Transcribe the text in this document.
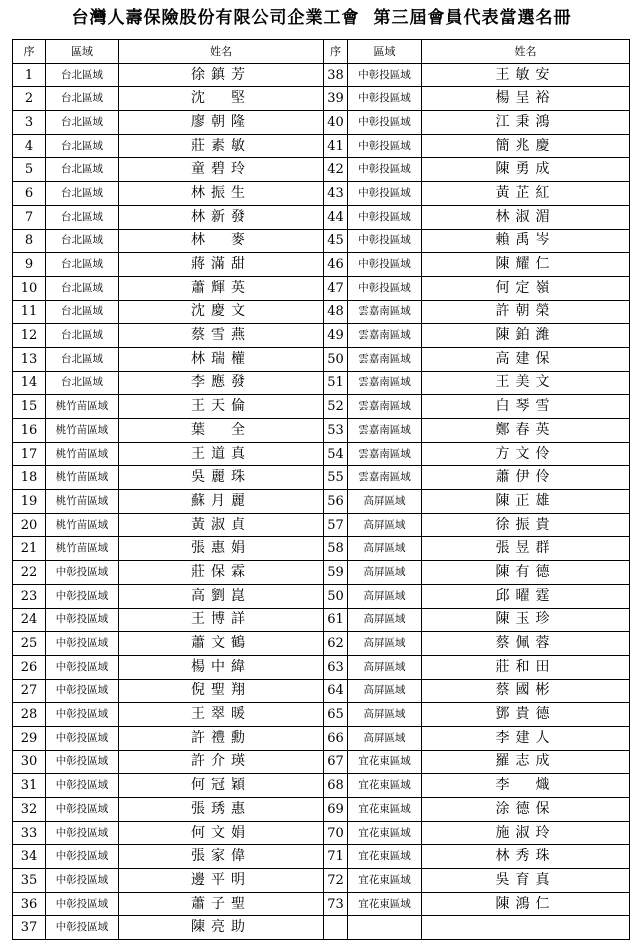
台灣人壽保險股份有限公司企業工會 第三屆會員代表當選名冊
序	區域	姓名	序	區域	姓名
1	台北區域	徐鎮芳	38	中彰投區域	王敏安
2	台北區域	沈　堅	39	中彰投區域	楊呈裕
3	台北區域	廖朝隆	40	中彰投區域	江秉鴻
4	台北區域	莊素敏	41	中彰投區域	簡兆慶
5	台北區域	童碧玲	42	中彰投區域	陳勇成
6	台北區域	林振生	43	中彰投區域	黃芷紅
7	台北區域	林新發	44	中彰投區域	林淑湄
8	台北區域	林　麥	45	中彰投區域	賴禹岑
9	台北區域	蔣滿甜	46	中彰投區域	陳耀仁
10	台北區域	蕭輝英	47	中彰投區域	何定嶺
11	台北區域	沈慶文	48	雲嘉南區域	許朝榮
12	台北區域	蔡雪燕	49	雲嘉南區域	陳鉑濰
13	台北區域	林瑞權	50	雲嘉南區域	高建保
14	台北區域	李應發	51	雲嘉南區域	王美文
15	桃竹苗區域	王天倫	52	雲嘉南區域	白琴雪
16	桃竹苗區域	葉　全	53	雲嘉南區域	鄭春英
17	桃竹苗區域	王道真	54	雲嘉南區域	方文伶
18	桃竹苗區域	吳麗珠	55	雲嘉南區域	蕭伊伶
19	桃竹苗區域	蘇月麗	56	高屏區域	陳正雄
20	桃竹苗區域	黃淑貞	57	高屏區域	徐振貴
21	桃竹苗區域	張惠娟	58	高屏區域	張昱群
22	中彰投區域	莊保霖	59	高屏區域	陳有德
23	中彰投區域	高劉崑	50	高屏區域	邱曜霆
24	中彰投區域	王博詳	61	高屏區域	陳玉珍
25	中彰投區域	蕭文鶴	62	高屏區域	蔡佩蓉
26	中彰投區域	楊中緯	63	高屏區域	莊和田
27	中彰投區域	倪聖翔	64	高屏區域	蔡國彬
28	中彰投區域	王翠暖	65	高屏區域	鄧貴德
29	中彰投區域	許禮勳	66	高屏區域	李建人
30	中彰投區域	許介瑛	67	宜花東區域	羅志成
31	中彰投區域	何冠穎	68	宜花東區域	李　熾
32	中彰投區域	張琇惠	69	宜花東區域	涂德保
33	中彰投區域	何文娟	70	宜花東區域	施淑玲
34	中彰投區域	張家偉	71	宜花東區域	林秀珠
35	中彰投區域	邊平明	72	宜花東區域	吳育真
36	中彰投區域	蕭子聖	73	宜花東區域	陳鴻仁
37	中彰投區域	陳亮助			
